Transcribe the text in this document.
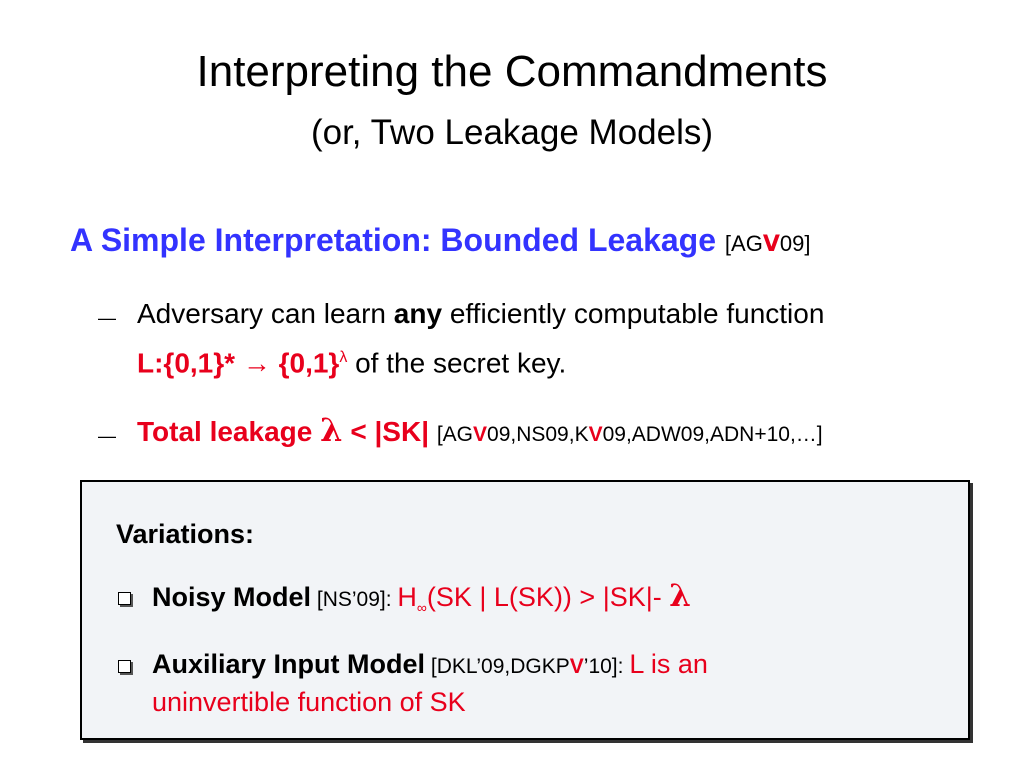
Interpreting the Commandments
(or, Two Leakage Models)
A Simple Interpretation: Bounded Leakage [AGV09]
— Adversary can learn any efficiently computable function
L:{0,1}* → $\{0,1\}^\lambda$ of the secret key.
— Total leakage λ < |SK| [AGV09,NS09,KV09,ADW09,ADN+10,…]
Variations:
Noisy Model [NS’09]: $H_\infty(SK$ | L(SK)) > |SK|- λ
Auxiliary Input Model [DKL’09,DGKPV’10]: L is an
uninvertible function of SK
